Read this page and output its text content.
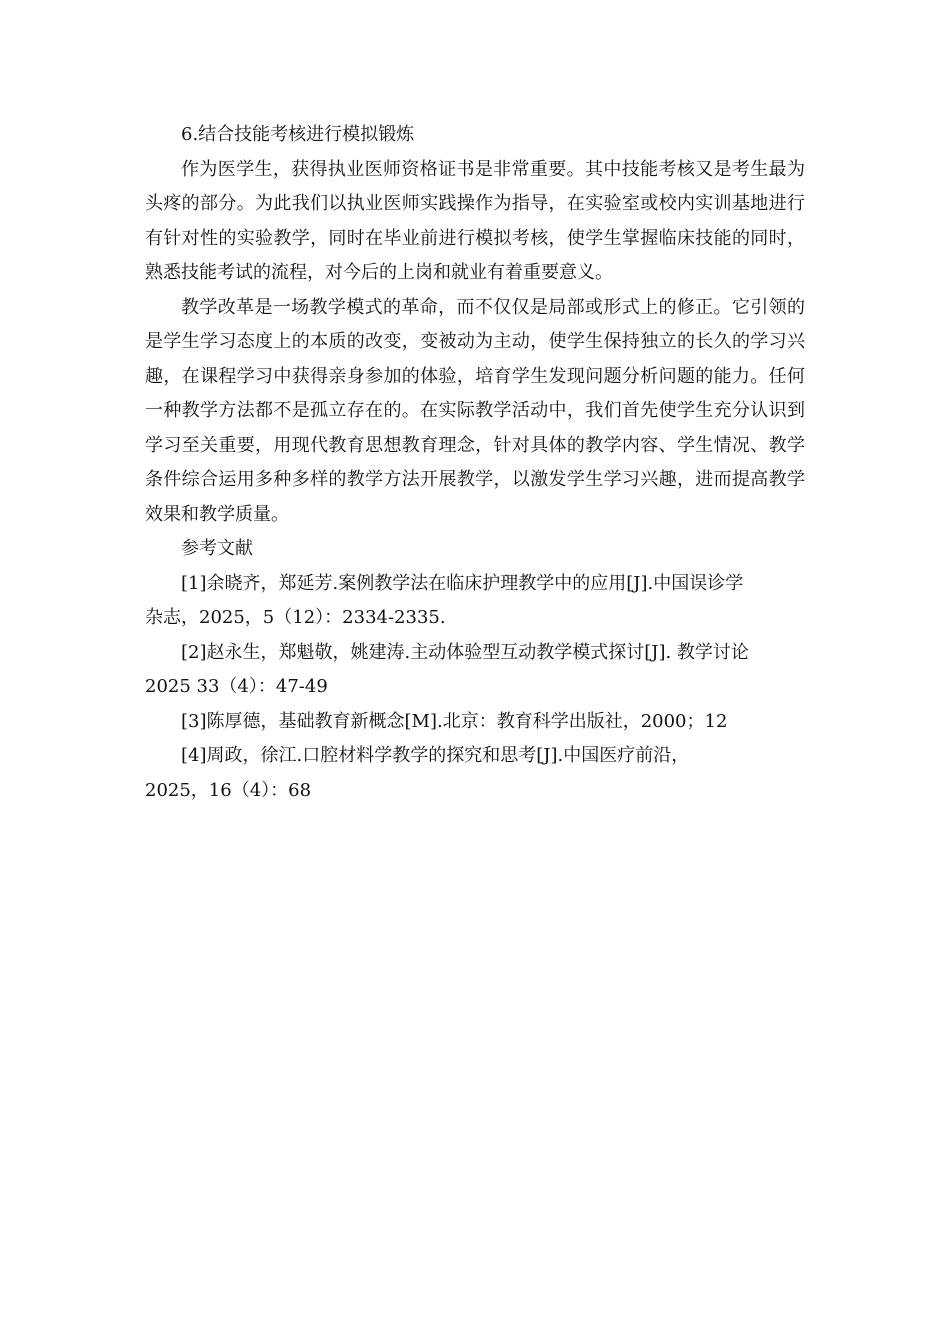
6.结合技能考核进行模拟锻炼

作为医学生，获得执业医师资格证书是非常重要。其中技能考核又是考生最为头疼的部分。为此我们以执业医师实践操作为指导，在实验室或校内实训基地进行有针对性的实验教学，同时在毕业前进行模拟考核，使学生掌握临床技能的同时，熟悉技能考试的流程，对今后的上岗和就业有着重要意义。

教学改革是一场教学模式的革命，而不仅仅是局部或形式上的修正。它引领的是学生学习态度上的本质的改变，变被动为主动，使学生保持独立的长久的学习兴趣，在课程学习中获得亲身参加的体验，培育学生发现问题分析问题的能力。任何一种教学方法都不是孤立存在的。在实际教学活动中，我们首先使学生充分认识到学习至关重要，用现代教育思想教育理念，针对具体的教学内容、学生情况、教学条件综合运用多种多样的教学方法开展教学，以激发学生学习兴趣，进而提高教学效果和教学质量。

参考文献

[1]余晓齐，郑延芳.案例教学法在临床护理教学中的应用[J].中国误诊学
杂志，2025，5（12）：2334-2335.

[2]赵永生，郑魁敬，姚建涛.主动体验型互动教学模式探讨[J]. 教学讨论
2025 33（4）：47-49

[3]陈厚德，基础教育新概念[M].北京：教育科学出版社，2000；12

[4]周政，徐江.口腔材料学教学的探究和思考[J].中国医疗前沿，
2025，16（4）：68
